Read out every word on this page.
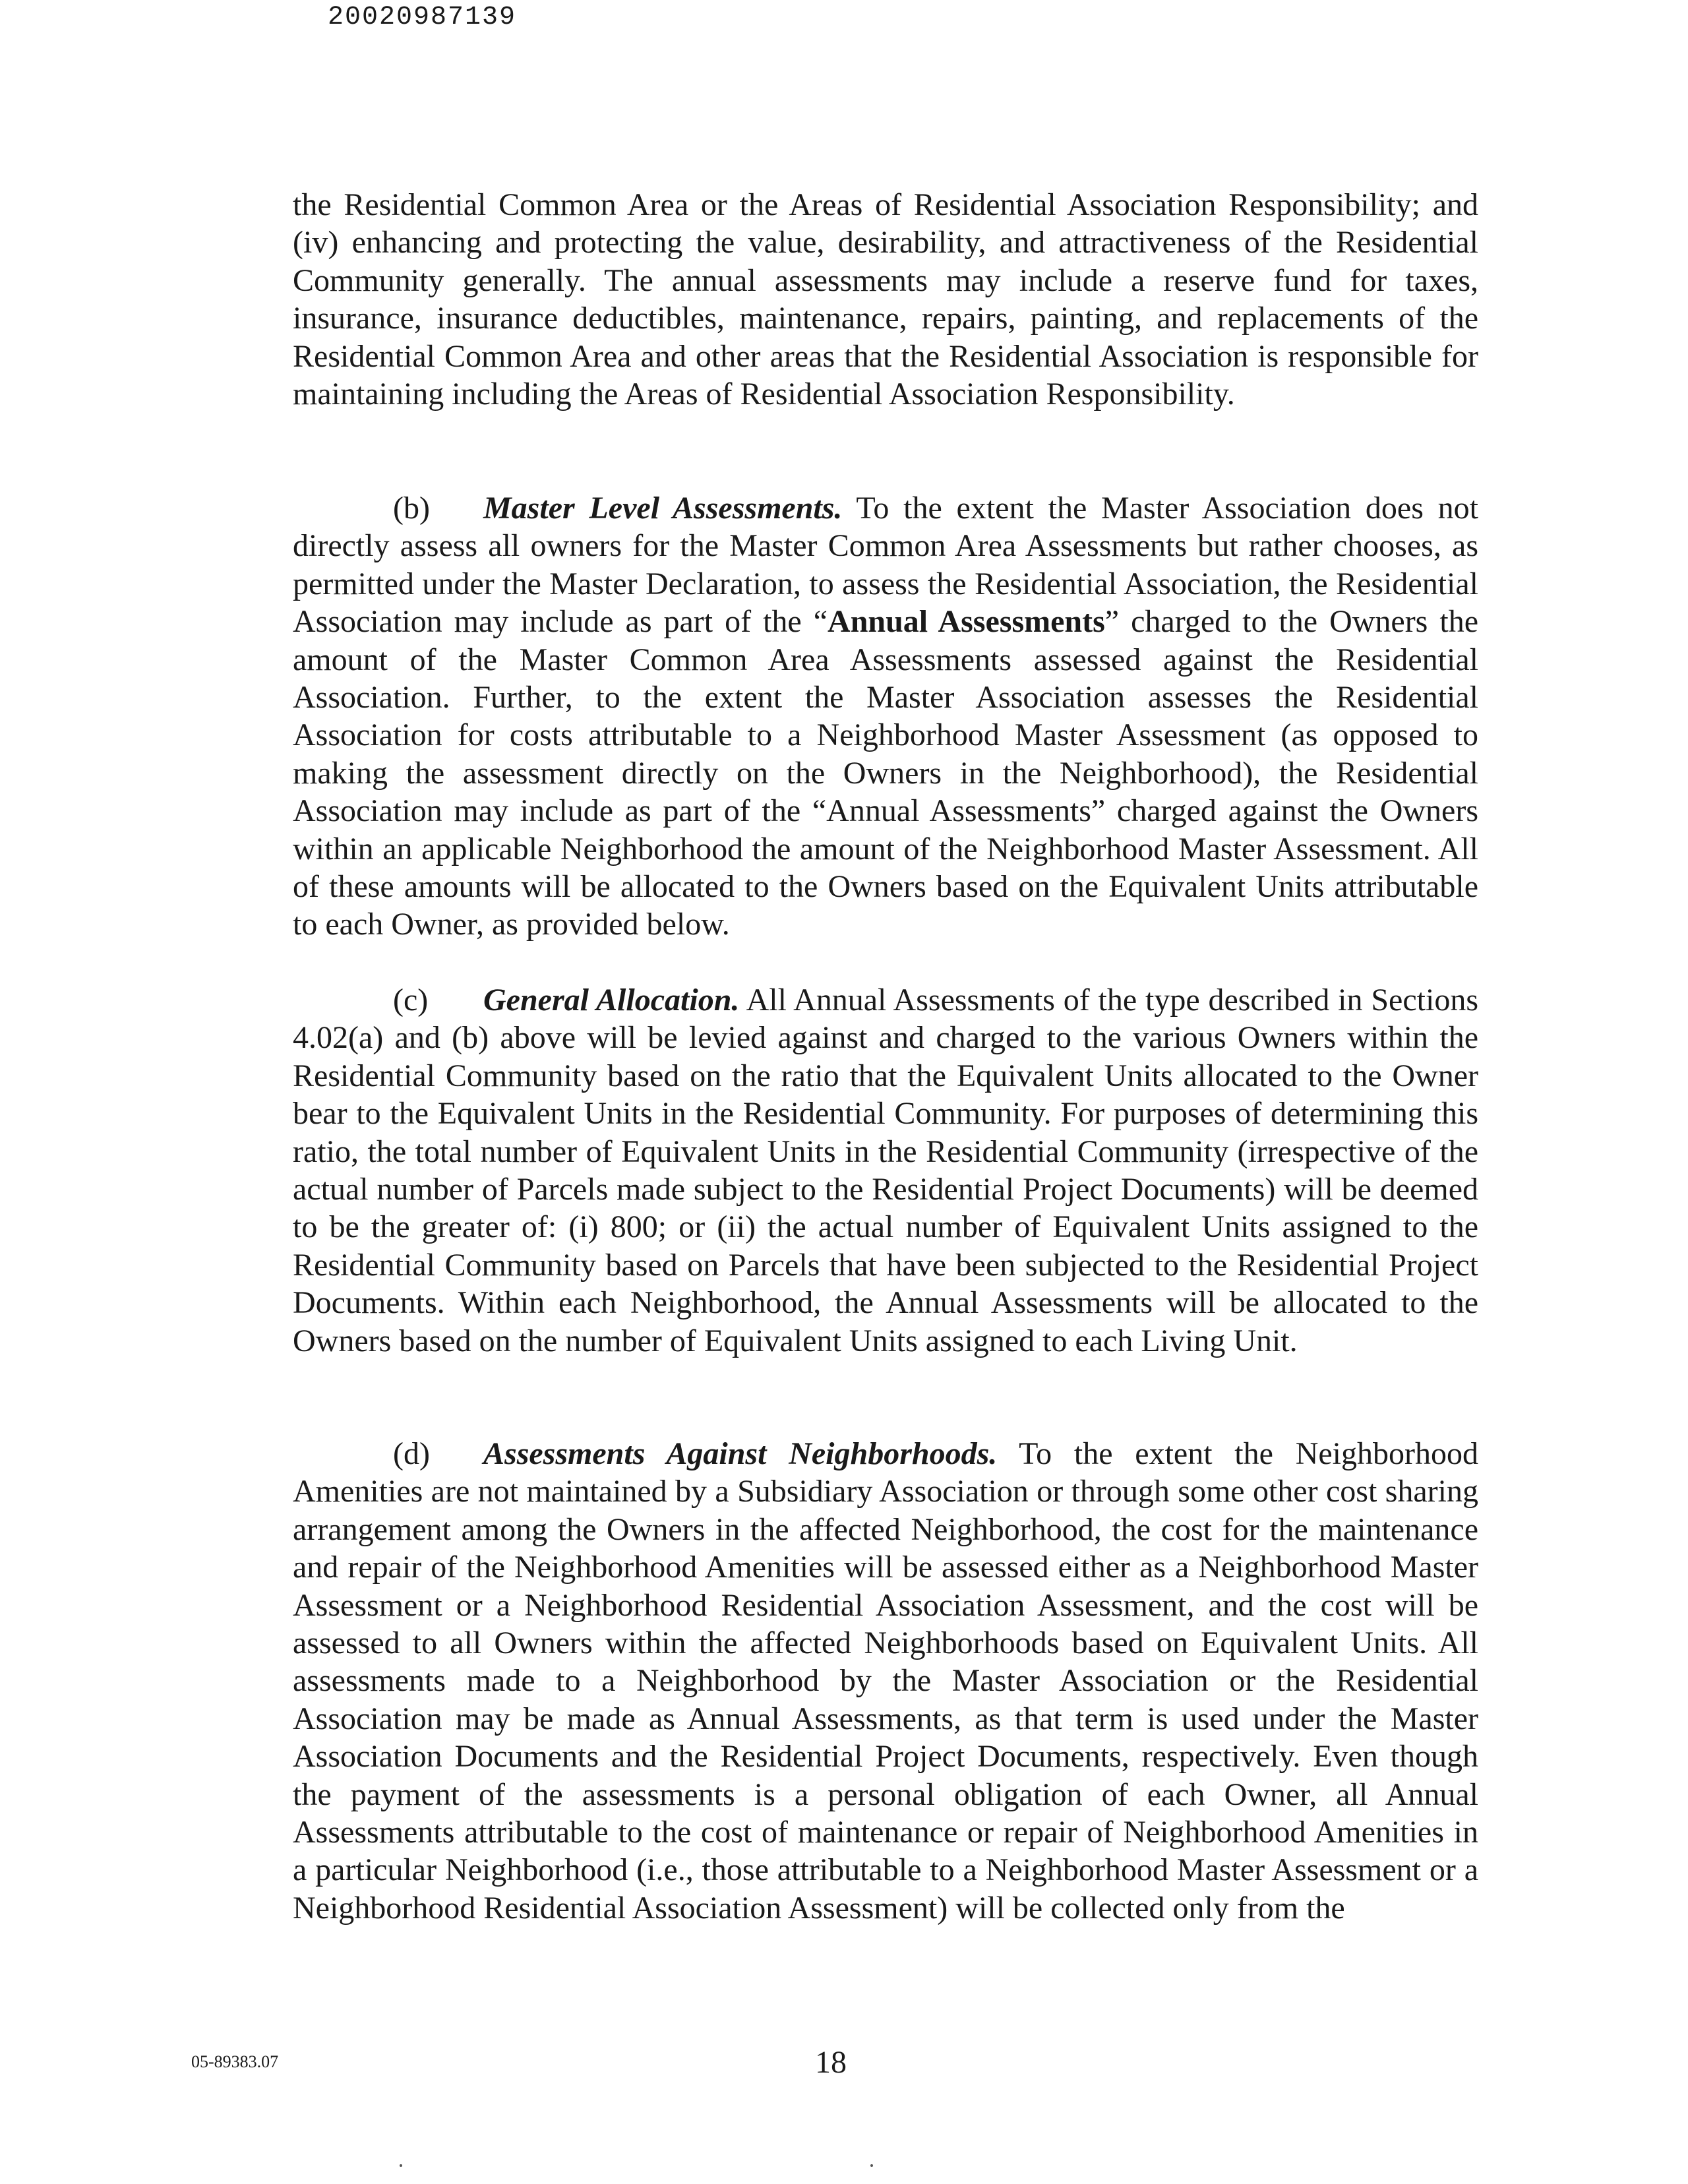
20020987139

the Residential Common Area or the Areas of Residential Association Responsibility; and (iv) enhancing and protecting the value, desirability, and attractiveness of the Residential Community generally. The annual assessments may include a reserve fund for taxes, insurance, insurance deductibles, maintenance, repairs, painting, and replacements of the Residential Common Area and other areas that the Residential Association is responsible for maintaining including the Areas of Residential Association Responsibility.

(b) Master Level Assessments. To the extent the Master Association does not directly assess all owners for the Master Common Area Assessments but rather chooses, as permitted under the Master Declaration, to assess the Residential Association, the Residential Association may include as part of the “Annual Assessments” charged to the Owners the amount of the Master Common Area Assessments assessed against the Residential Association. Further, to the extent the Master Association assesses the Residential Association for costs attributable to a Neighborhood Master Assessment (as opposed to making the assessment directly on the Owners in the Neighborhood), the Residential Association may include as part of the “Annual Assessments” charged against the Owners within an applicable Neighborhood the amount of the Neighborhood Master Assessment. All of these amounts will be allocated to the Owners based on the Equivalent Units attributable to each Owner, as provided below.

(c) General Allocation. All Annual Assessments of the type described in Sections 4.02(a) and (b) above will be levied against and charged to the various Owners within the Residential Community based on the ratio that the Equivalent Units allocated to the Owner bear to the Equivalent Units in the Residential Community. For purposes of determining this ratio, the total number of Equivalent Units in the Residential Community (irrespective of the actual number of Parcels made subject to the Residential Project Documents) will be deemed to be the greater of: (i) 800; or (ii) the actual number of Equivalent Units assigned to the Residential Community based on Parcels that have been subjected to the Residential Project Documents. Within each Neighborhood, the Annual Assessments will be allocated to the Owners based on the number of Equivalent Units assigned to each Living Unit.

(d) Assessments Against Neighborhoods. To the extent the Neighborhood Amenities are not maintained by a Subsidiary Association or through some other cost sharing arrangement among the Owners in the affected Neighborhood, the cost for the maintenance and repair of the Neighborhood Amenities will be assessed either as a Neighborhood Master Assessment or a Neighborhood Residential Association Assessment, and the cost will be assessed to all Owners within the affected Neighborhoods based on Equivalent Units. All assessments made to a Neighborhood by the Master Association or the Residential Association may be made as Annual Assessments, as that term is used under the Master Association Documents and the Residential Project Documents, respectively. Even though the payment of the assessments is a personal obligation of each Owner, all Annual Assessments attributable to the cost of maintenance or repair of Neighborhood Amenities in a particular Neighborhood (i.e., those attributable to a Neighborhood Master Assessment or a Neighborhood Residential Association Assessment) will be collected only from the

05-89383.07	18
